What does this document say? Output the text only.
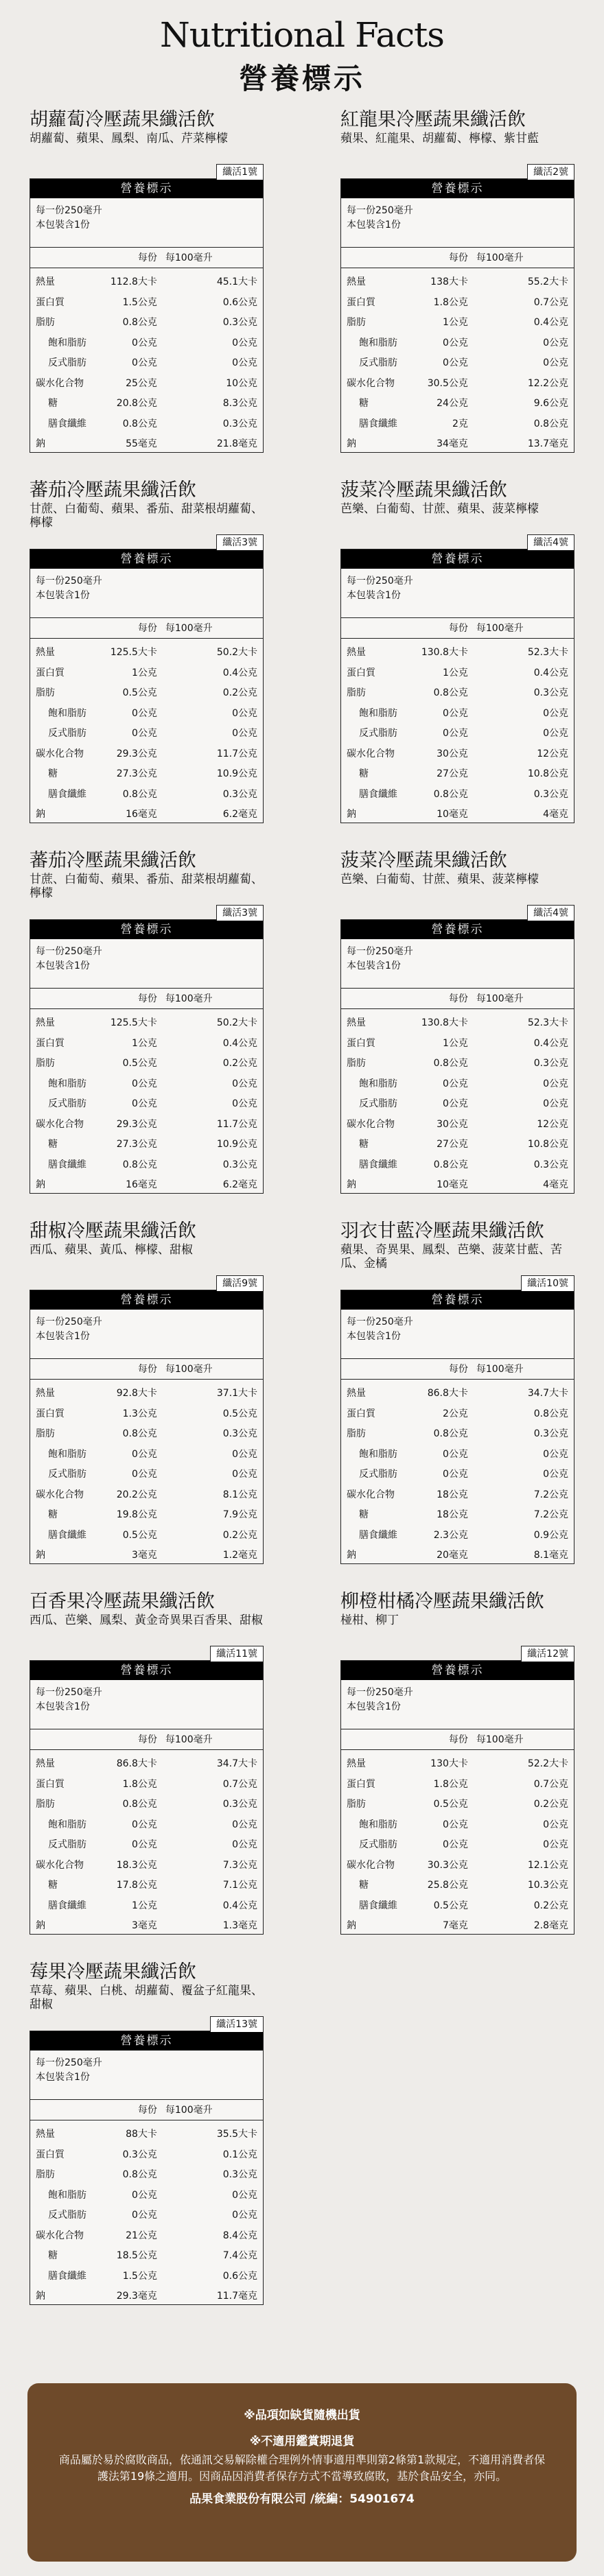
Nutritional Facts
營養標示
胡蘿蔔冷壓蔬果纖活飲
胡蘿蔔、蘋果、鳳梨、南瓜、芹菜檸檬
纖活1號
營養標示
每一份250毫升
本包裝含1份
每份 每100毫升
熱量	112.8大卡	45.1大卡
蛋白質	1.5公克	0.6公克
脂肪	0.8公克	0.3公克
飽和脂肪	0公克	0公克
反式脂肪	0公克	0公克
碳水化合物	25公克	10公克
糖	20.8公克	8.3公克
膳食纖維	0.8公克	0.3公克
鈉	55毫克	21.8毫克
紅龍果冷壓蔬果纖活飲
蘋果、紅龍果、胡蘿蔔、檸檬、紫甘藍
纖活2號
營養標示
每一份250毫升
本包裝含1份
每份 每100毫升
熱量	138大卡	55.2大卡
蛋白質	1.8公克	0.7公克
脂肪	1公克	0.4公克
飽和脂肪	0公克	0公克
反式脂肪	0公克	0公克
碳水化合物	30.5公克	12.2公克
糖	24公克	9.6公克
膳食纖維	2克	0.8公克
鈉	34毫克	13.7毫克
蕃茄冷壓蔬果纖活飲
甘蔗、白葡萄、蘋果、番茄、甜菜根胡蘿蔔、檸檬
纖活3號
營養標示
每一份250毫升
本包裝含1份
每份 每100毫升
熱量	125.5大卡	50.2大卡
蛋白質	1公克	0.4公克
脂肪	0.5公克	0.2公克
飽和脂肪	0公克	0公克
反式脂肪	0公克	0公克
碳水化合物	29.3公克	11.7公克
糖	27.3公克	10.9公克
膳食纖維	0.8公克	0.3公克
鈉	16毫克	6.2毫克
菠菜冷壓蔬果纖活飲
芭樂、白葡萄、甘蔗、蘋果、菠菜檸檬
纖活4號
營養標示
每一份250毫升
本包裝含1份
每份 每100毫升
熱量	130.8大卡	52.3大卡
蛋白質	1公克	0.4公克
脂肪	0.8公克	0.3公克
飽和脂肪	0公克	0公克
反式脂肪	0公克	0公克
碳水化合物	30公克	12公克
糖	27公克	10.8公克
膳食纖維	0.8公克	0.3公克
鈉	10毫克	4毫克
蕃茄冷壓蔬果纖活飲
甘蔗、白葡萄、蘋果、番茄、甜菜根胡蘿蔔、檸檬
纖活3號
營養標示
每一份250毫升
本包裝含1份
每份 每100毫升
熱量	125.5大卡	50.2大卡
蛋白質	1公克	0.4公克
脂肪	0.5公克	0.2公克
飽和脂肪	0公克	0公克
反式脂肪	0公克	0公克
碳水化合物	29.3公克	11.7公克
糖	27.3公克	10.9公克
膳食纖維	0.8公克	0.3公克
鈉	16毫克	6.2毫克
菠菜冷壓蔬果纖活飲
芭樂、白葡萄、甘蔗、蘋果、菠菜檸檬
纖活4號
營養標示
每一份250毫升
本包裝含1份
每份 每100毫升
熱量	130.8大卡	52.3大卡
蛋白質	1公克	0.4公克
脂肪	0.8公克	0.3公克
飽和脂肪	0公克	0公克
反式脂肪	0公克	0公克
碳水化合物	30公克	12公克
糖	27公克	10.8公克
膳食纖維	0.8公克	0.3公克
鈉	10毫克	4毫克
甜椒冷壓蔬果纖活飲
西瓜、蘋果、黃瓜、檸檬、甜椒
纖活9號
營養標示
每一份250毫升
本包裝含1份
每份 每100毫升
熱量	92.8大卡	37.1大卡
蛋白質	1.3公克	0.5公克
脂肪	0.8公克	0.3公克
飽和脂肪	0公克	0公克
反式脂肪	0公克	0公克
碳水化合物	20.2公克	8.1公克
糖	19.8公克	7.9公克
膳食纖維	0.5公克	0.2公克
鈉	3毫克	1.2毫克
羽衣甘藍冷壓蔬果纖活飲
蘋果、奇異果、鳳梨、芭樂、菠菜甘藍、苦瓜、金橘
纖活10號
營養標示
每一份250毫升
本包裝含1份
每份 每100毫升
熱量	86.8大卡	34.7大卡
蛋白質	2公克	0.8公克
脂肪	0.8公克	0.3公克
飽和脂肪	0公克	0公克
反式脂肪	0公克	0公克
碳水化合物	18公克	7.2公克
糖	18公克	7.2公克
膳食纖維	2.3公克	0.9公克
鈉	20毫克	8.1毫克
百香果冷壓蔬果纖活飲
西瓜、芭樂、鳳梨、黃金奇異果百香果、甜椒
纖活11號
營養標示
每一份250毫升
本包裝含1份
每份 每100毫升
熱量	86.8大卡	34.7大卡
蛋白質	1.8公克	0.7公克
脂肪	0.8公克	0.3公克
飽和脂肪	0公克	0公克
反式脂肪	0公克	0公克
碳水化合物	18.3公克	7.3公克
糖	17.8公克	7.1公克
膳食纖維	1公克	0.4公克
鈉	3毫克	1.3毫克
柳橙柑橘冷壓蔬果纖活飲
椪柑、柳丁
纖活12號
營養標示
每一份250毫升
本包裝含1份
每份 每100毫升
熱量	130大卡	52.2大卡
蛋白質	1.8公克	0.7公克
脂肪	0.5公克	0.2公克
飽和脂肪	0公克	0公克
反式脂肪	0公克	0公克
碳水化合物	30.3公克	12.1公克
糖	25.8公克	10.3公克
膳食纖維	0.5公克	0.2公克
鈉	7毫克	2.8毫克
莓果冷壓蔬果纖活飲
草莓、蘋果、白桃、胡蘿蔔、覆盆子紅龍果、甜椒
纖活13號
營養標示
每一份250毫升
本包裝含1份
每份 每100毫升
熱量	88大卡	35.5大卡
蛋白質	0.3公克	0.1公克
脂肪	0.8公克	0.3公克
飽和脂肪	0公克	0公克
反式脂肪	0公克	0公克
碳水化合物	21公克	8.4公克
糖	18.5公克	7.4公克
膳食纖維	1.5公克	0.6公克
鈉	29.3毫克	11.7毫克
※品項如缺貨隨機出貨
※不適用鑑賞期退貨
商品屬於易於腐敗商品，依通訊交易解除權合理例外情事適用準則第2條第1款規定，不適用消費者保護法第19條之適用。因商品因消費者保存方式不當導致腐敗，基於食品安全，亦同。
品果食業股份有限公司 /統編：54901674
